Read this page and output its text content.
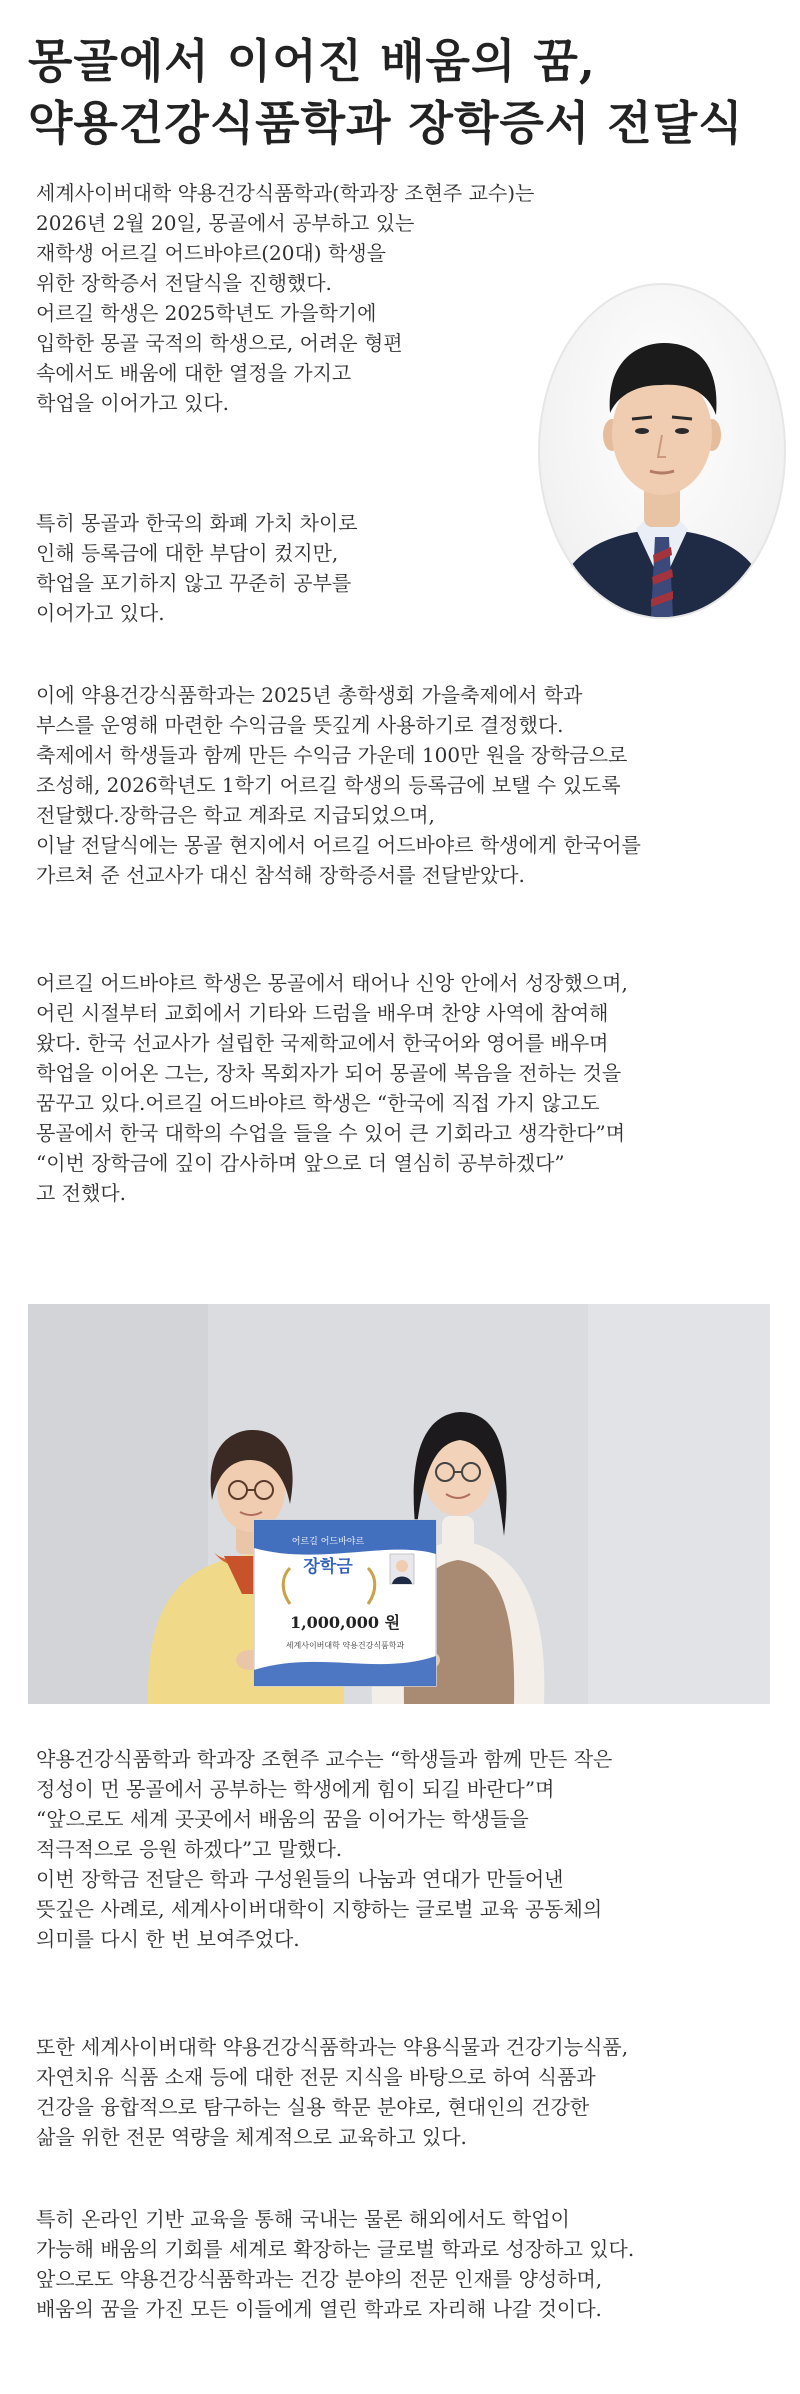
몽골에서 이어진 배움의 꿈,
약용건강식품학과 장학증서 전달식
세계사이버대학 약용건강식품학과(학과장 조현주 교수)는
2026년 2월 20일, 몽골에서 공부하고 있는
재학생 어르길 어드바야르(20대) 학생을
위한 장학증서 전달식을 진행했다.
어르길 학생은 2025학년도 가을학기에
입학한 몽골 국적의 학생으로, 어려운 형편
속에서도 배움에 대한 열정을 가지고
학업을 이어가고 있다.
특히 몽골과 한국의 화폐 가치 차이로
인해 등록금에 대한 부담이 컸지만,
학업을 포기하지 않고 꾸준히 공부를
이어가고 있다.
이에 약용건강식품학과는 2025년 총학생회 가을축제에서 학과
부스를 운영해 마련한 수익금을 뜻깊게 사용하기로 결정했다.
축제에서 학생들과 함께 만든 수익금 가운데 100만 원을 장학금으로
조성해, 2026학년도 1학기 어르길 학생의 등록금에 보탤 수 있도록
전달했다.장학금은 학교 계좌로 지급되었으며,
이날 전달식에는 몽골 현지에서 어르길 어드바야르 학생에게 한국어를
가르쳐 준 선교사가 대신 참석해 장학증서를 전달받았다.
어르길 어드바야르 학생은 몽골에서 태어나 신앙 안에서 성장했으며,
어린 시절부터 교회에서 기타와 드럼을 배우며 찬양 사역에 참여해
왔다. 한국 선교사가 설립한 국제학교에서 한국어와 영어를 배우며
학업을 이어온 그는, 장차 목회자가 되어 몽골에 복음을 전하는 것을
꿈꾸고 있다.어르길 어드바야르 학생은 “한국에 직접 가지 않고도
몽골에서 한국 대학의 수업을 들을 수 있어 큰 기회라고 생각한다”며
“이번 장학금에 깊이 감사하며 앞으로 더 열심히 공부하겠다”
고 전했다.
어르길 어드바야르
장학금
1,000,000 원
세계사이버대학 약용건강식품학과
약용건강식품학과 학과장 조현주 교수는 “학생들과 함께 만든 작은
정성이 먼 몽골에서 공부하는 학생에게 힘이 되길 바란다”며
“앞으로도 세계 곳곳에서 배움의 꿈을 이어가는 학생들을
적극적으로 응원 하겠다”고 말했다.
이번 장학금 전달은 학과 구성원들의 나눔과 연대가 만들어낸
뜻깊은 사례로, 세계사이버대학이 지향하는 글로벌 교육 공동체의
의미를 다시 한 번 보여주었다.
또한 세계사이버대학 약용건강식품학과는 약용식물과 건강기능식품,
자연치유 식품 소재 등에 대한 전문 지식을 바탕으로 하여 식품과
건강을 융합적으로 탐구하는 실용 학문 분야로, 현대인의 건강한
삶을 위한 전문 역량을 체계적으로 교육하고 있다.
특히 온라인 기반 교육을 통해 국내는 물론 해외에서도 학업이
가능해 배움의 기회를 세계로 확장하는 글로벌 학과로 성장하고 있다.
앞으로도 약용건강식품학과는 건강 분야의 전문 인재를 양성하며,
배움의 꿈을 가진 모든 이들에게 열린 학과로 자리해 나갈 것이다.
